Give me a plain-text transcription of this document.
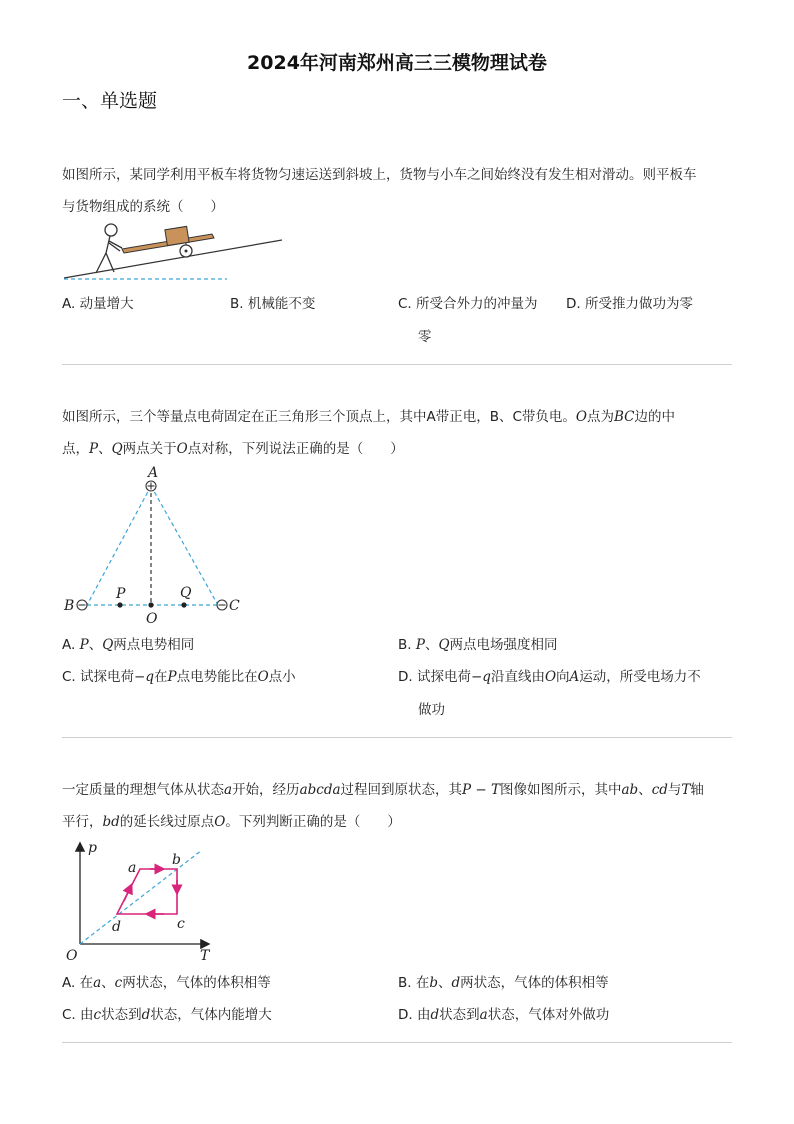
2024年河南郑州高三三模物理试卷
一、单选题
如图所示，某同学利用平板车将货物匀速运送到斜坡上，货物与小车之间始终没有发生相对滑动。则平板车
与货物组成的系统（　　）
A. 动量增大	B. 机械能不变	C. 所受合外力的冲量为
零
D. 所受推力做功为零
如图所示，三个等量点电荷固定在正三角形三个顶点上，其中A带正电，B、C带负电。O点为BC边的中
点，P、Q两点关于O点对称，下列说法正确的是（　　）
A
B	C
P	Q
O
A. P、Q两点电势相同	B. P、Q两点电场强度相同
C. 试探电荷−q在P点电势能比在O点小	D. 试探电荷−q沿直线由O向A运动，所受电场力不
做功
一定质量的理想气体从状态a开始，经历abcda过程回到原状态，其P − T图像如图所示，其中ab、cd与T轴
平行，bd的延长线过原点O。下列判断正确的是（　　）
p
T
O
a	b
c
d
A. 在a、c两状态，气体的体积相等	B. 在b、d两状态，气体的体积相等
C. 由c状态到d状态，气体内能增大	D. 由d状态到a状态，气体对外做功
